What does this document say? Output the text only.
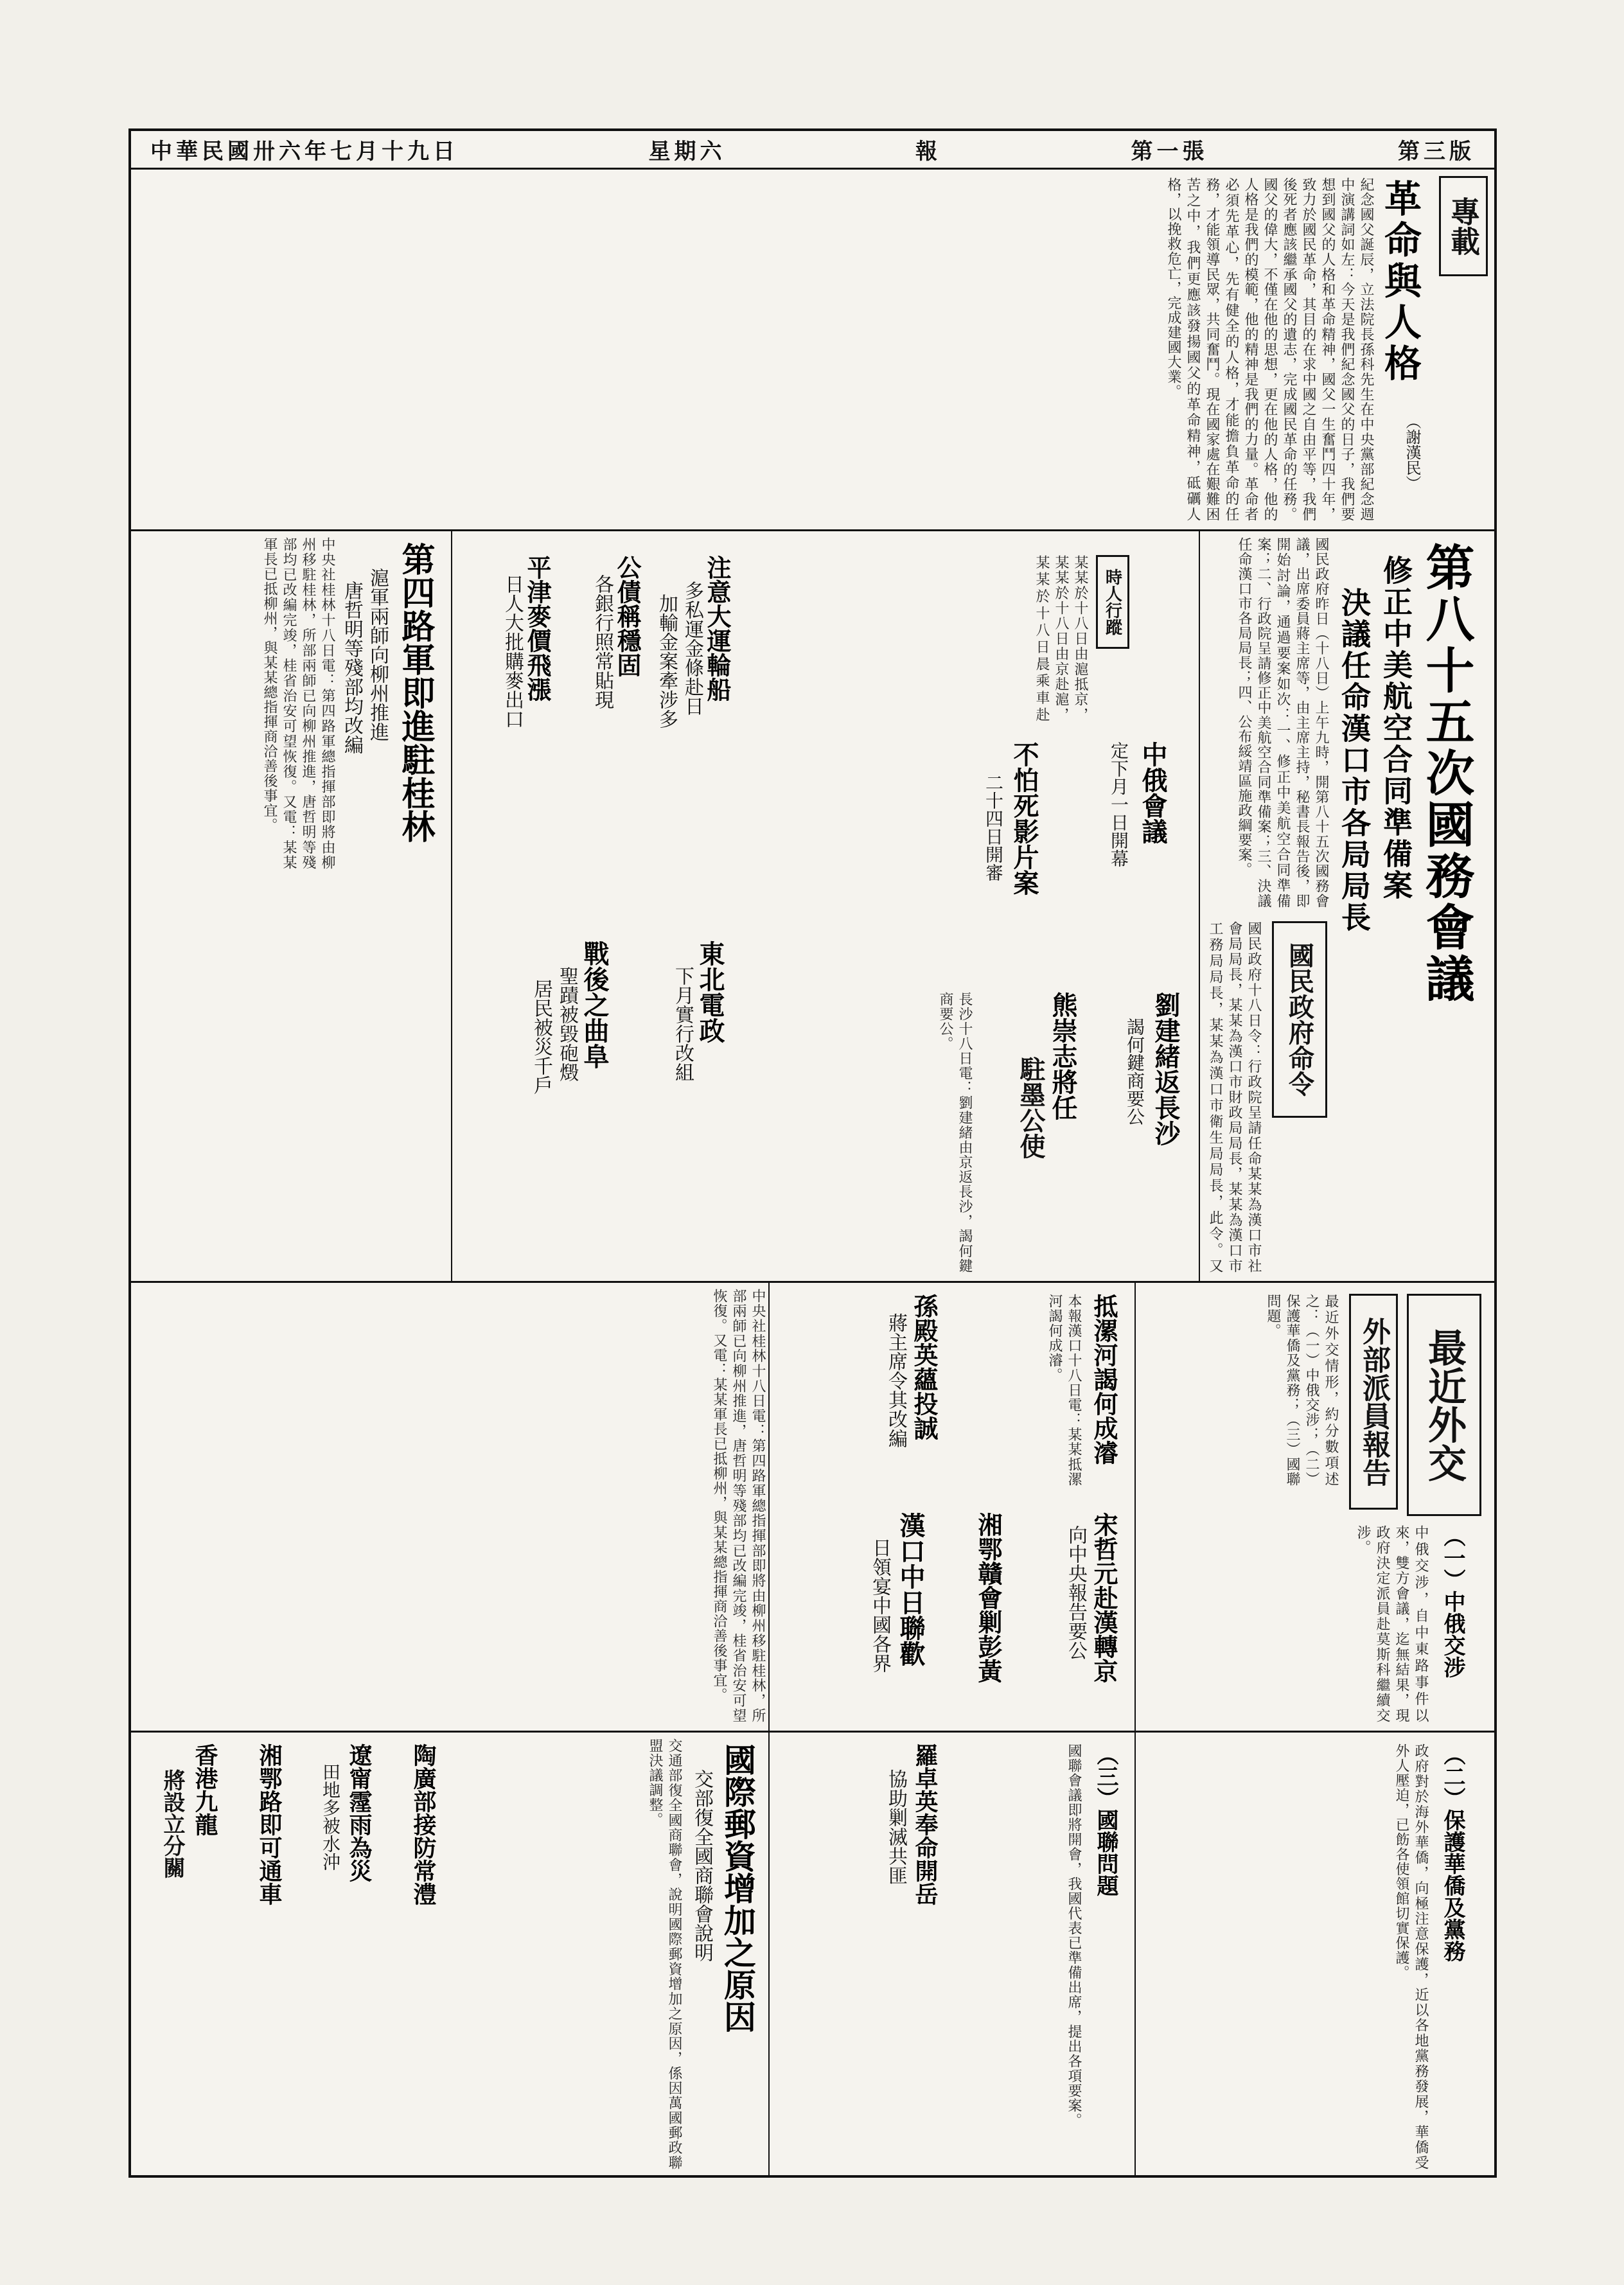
中華民國卅六年七月十九日	星期六	報	第一張	第三版
專載
革命與人格
（謝漢民）
紀念國父誕辰，立法院長孫科先生在中央黨部紀念週中演講詞如左：今天是我們紀念國父的日子，我們要想到國父的人格和革命精神，國父一生奮鬥四十年，致力於國民革命，其目的在求中國之自由平等，我們後死者應該繼承國父的遺志，完成國民革命的任務。國父的偉大，不僅在他的思想，更在他的人格，他的人格是我們的模範，他的精神是我們的力量。革命者必須先革心，先有健全的人格，才能擔負革命的任務，才能領導民眾，共同奮鬥。現在國家處在艱難困苦之中，我們更應該發揚國父的革命精神，砥礪人格，以挽救危亡，完成建國大業。
第八十五次國務會議
修正中美航空合同準備案
決議任命漢口市各局局長
國民政府昨日（十八日）上午九時，開第八十五次國務會議，出席委員蔣主席等，由主席主持，秘書長報告後，即開始討論，通過要案如次：一、修正中美航空合同準備案；二、行政院呈請修正中美航空合同準備案；三、決議任命漢口市各局局長；四、公布綏靖區施政綱要案。
國民政府命令
國民政府十八日令：行政院呈請任命某某為漢口市社會局局長，某某為漢口市財政局局長，某某為漢口市工務局局長，某某為漢口市衛生局局長，此令。又
時人行蹤
某某於十八日由滬抵京，某某於十八日由京赴滬，某某於十八日晨乘車赴
中俄會議
定下月一日開幕
不怕死影片案
二十四日開審
劉建緒返長沙
謁何鍵商要公
熊崇志將任
駐墨公使
長沙十八日電：劉建緒由京返長沙，謁何鍵商要公。
注意大運輪船
多私運金條赴日
加輸金案牽涉多
公債稱穩固
各銀行照常貼現
平津麥價飛漲
日人大批購麥出口
東北電政
下月實行改組
戰後之曲阜
聖蹟被毀砲燬
居民被災千戶
第四路軍即進駐桂林
滬軍兩師向柳州推進
唐哲明等殘部均改編
中央社桂林十八日電：第四路軍總指揮部即將由柳州移駐桂林，所部兩師已向柳州推進，唐哲明等殘部均已改編完竣，桂省治安可望恢復。又電：某某軍長已抵柳州，與某某總指揮商洽善後事宜。
最近外交
外部派員報告
最近外交情形，約分數項述之：（一）中俄交涉；（二）保護華僑及黨務；（三）國聯問題。
（一）中俄交涉
中俄交涉，自中東路事件以來，雙方會議，迄無結果，現政府決定派員赴莫斯科繼續交涉。
抵漯河謁何成濬
本報漢口十八日電：某某抵漯河謁何成濬。
孫殿英蘊投誠
蔣主席令其改編
宋哲元赴漢轉京
向中央報告要公
湘鄂贛會剿彭黃
漢口中日聯歡
日領宴中國各界
中央社桂林十八日電：第四路軍總指揮部即將由柳州移駐桂林，所部兩師已向柳州推進，唐哲明等殘部均已改編完竣，桂省治安可望恢復。又電：某某軍長已抵柳州，與某某總指揮商洽善後事宜。
（二）保護華僑及黨務
政府對於海外華僑，向極注意保護，近以各地黨務發展，華僑受外人壓迫，已飭各使領館切實保護。
（三）國聯問題
國聯會議即將開會，我國代表已準備出席，提出各項要案。
羅卓英奉命開岳
協助剿滅共匪
國際郵資增加之原因
交部復全國商聯會說明
交通部復全國商聯會，說明國際郵資增加之原因，係因萬國郵政聯盟決議調整。
陶廣部接防常澧
遼甯霪雨為災
田地多被水沖
湘鄂路即可通車
香港九龍
將設立分關
